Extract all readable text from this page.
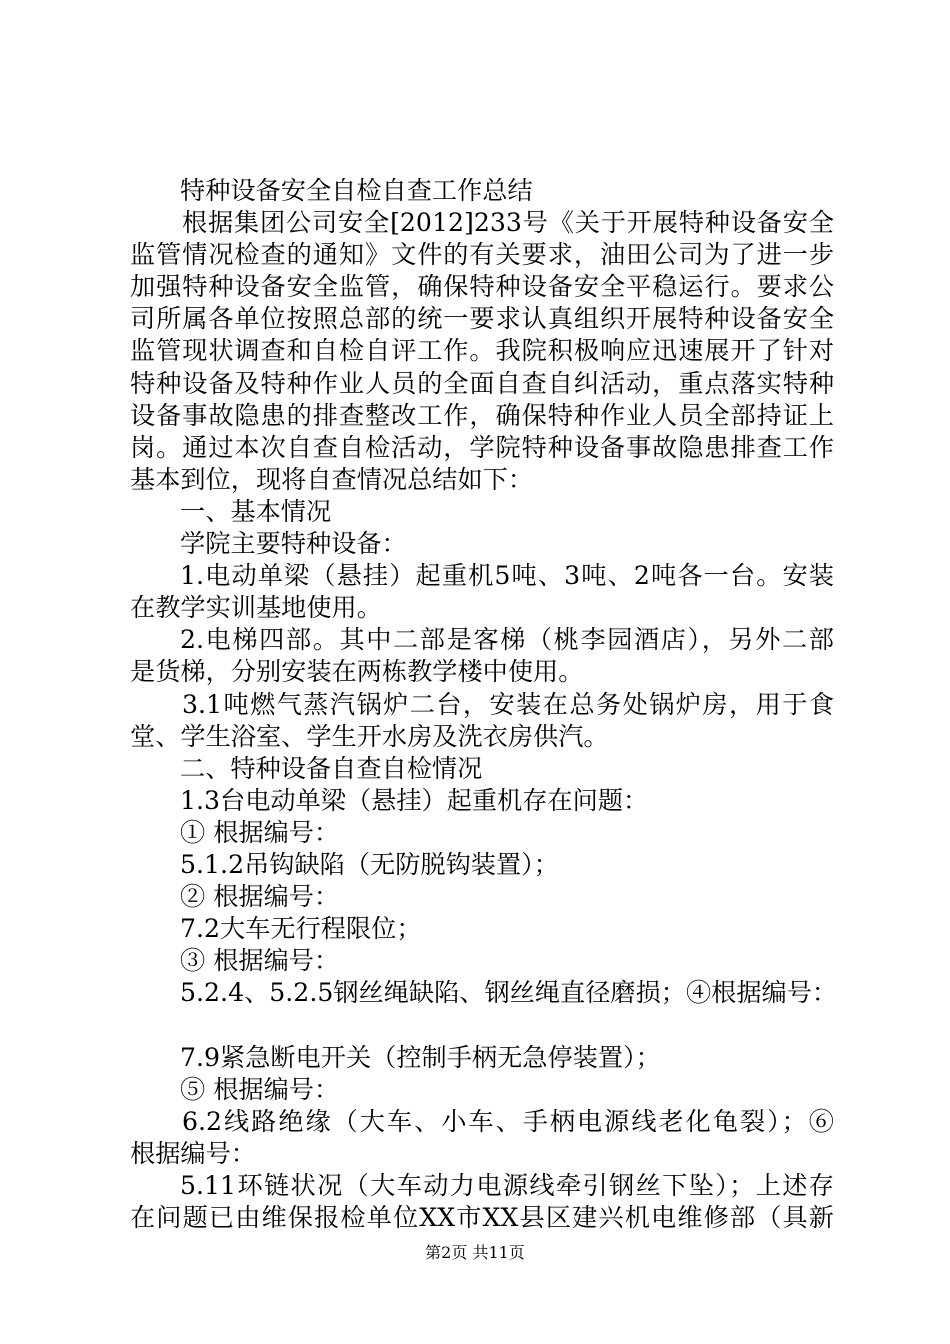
特种设备安全自检自查工作总结
根据集团公司安全[2012]233号《关于开展特种设备安全
监管情况检查的通知》文件的有关要求，油田公司为了进一步
加强特种设备安全监管，确保特种设备安全平稳运行。要求公
司所属各单位按照总部的统一要求认真组织开展特种设备安全
监管现状调查和自检自评工作。我院积极响应迅速展开了针对
特种设备及特种作业人员的全面自查自纠活动，重点落实特种
设备事故隐患的排查整改工作，确保特种作业人员全部持证上
岗。通过本次自查自检活动，学院特种设备事故隐患排查工作
基本到位，现将自查情况总结如下：
一、基本情况
学院主要特种设备：
1.电动单梁（悬挂）起重机5吨、3吨、2吨各一台。安装
在教学实训基地使用。
2.电梯四部。其中二部是客梯（桃李园酒店），另外二部
是货梯，分别安装在两栋教学楼中使用。
3.1吨燃气蒸汽锅炉二台，安装在总务处锅炉房，用于食
堂、学生浴室、学生开水房及洗衣房供汽。
二、特种设备自查自检情况
1.3台电动单梁（悬挂）起重机存在问题：
① 根据编号：
5.1.2吊钩缺陷（无防脱钩装置）；
② 根据编号：
7.2大车无行程限位；
③ 根据编号：
5.2.4、5.2.5钢丝绳缺陷、钢丝绳直径磨损；④根据编号：
7.9紧急断电开关（控制手柄无急停装置）；
⑤ 根据编号：
6.2线路绝缘（大车、小车、手柄电源线老化龟裂）；⑥
根据编号：
5.11环链状况（大车动力电源线牵引钢丝下坠）；上述存
在问题已由维保报检单位XX市XX县区建兴机电维修部（具新
第2页 共11页
